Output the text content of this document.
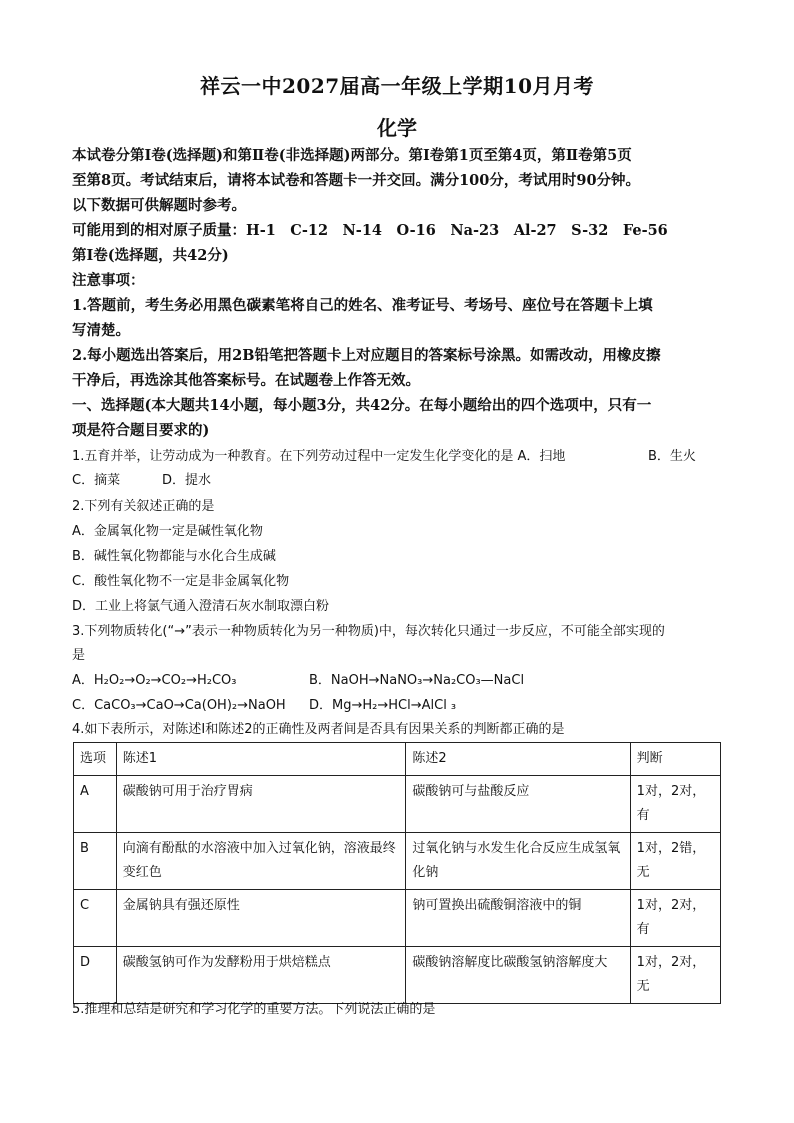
祥云一中2027届高一年级上学期10月月考
化学
本试卷分第Ⅰ卷(选择题)和第Ⅱ卷(非选择题)两部分。第Ⅰ卷第1页至第4页，第Ⅱ卷第5页
至第8页。考试结束后，请将本试卷和答题卡一并交回。满分100分，考试用时90分钟。
以下数据可供解题时参考。
可能用到的相对原子质量：H-1　C-12　N-14　O-16　Na-23　Al-27　S-32　Fe-56
第Ⅰ卷(选择题，共42分)
注意事项：
1.答题前，考生务必用黑色碳素笔将自己的姓名、准考证号、考场号、座位号在答题卡上填
写清楚。
2.每小题选出答案后，用2B铅笔把答题卡上对应题目的答案标号涂黑。如需改动，用橡皮擦
干净后，再选涂其他答案标号。在试题卷上作答无效。
一、选择题(本大题共14小题，每小题3分，共42分。在每小题给出的四个选项中，只有一
项是符合题目要求的)
1.五育并举，让劳动成为一种教育。在下列劳动过程中一定发生化学变化的是 A．扫地	B．生火
C．摘菜	D．提水
2.下列有关叙述正确的是
A．金属氧化物一定是碱性氧化物
B．碱性氧化物都能与水化合生成碱
C．酸性氧化物不一定是非金属氧化物
D．工业上将氯气通入澄清石灰水制取漂白粉
3.下列物质转化(“→”表示一种物质转化为另一种物质)中，每次转化只通过一步反应，不可能全部实现的
是
A．H₂O₂→O₂→CO₂→H₂CO₃	B．NaOH→NaNO₃→Na₂CO₃—NaCl
C．CaCO₃→CaO→Ca(OH)₂→NaOH D．Mg→H₂→HCl→AlCl ₃
4.如下表所示，对陈述Ⅰ和陈述2的正确性及两者间是否具有因果关系的判断都正确的是
选项	陈述1	陈述2	判断
A	碳酸钠可用于治疗胃病	碳酸钠可与盐酸反应	1对，2对，有
B	向滴有酚酞的水溶液中加入过氧化钠，溶液最终变红色	过氧化钠与水发生化合反应生成氢氧化钠	1对，2错，无
C	金属钠具有强还原性	钠可置换出硫酸铜溶液中的铜	1对，2对，有
D	碳酸氢钠可作为发酵粉用于烘焙糕点	碳酸钠溶解度比碳酸氢钠溶解度大	1对，2对，无
5.推理和总结是研究和学习化学的重要方法。下列说法正确的是
